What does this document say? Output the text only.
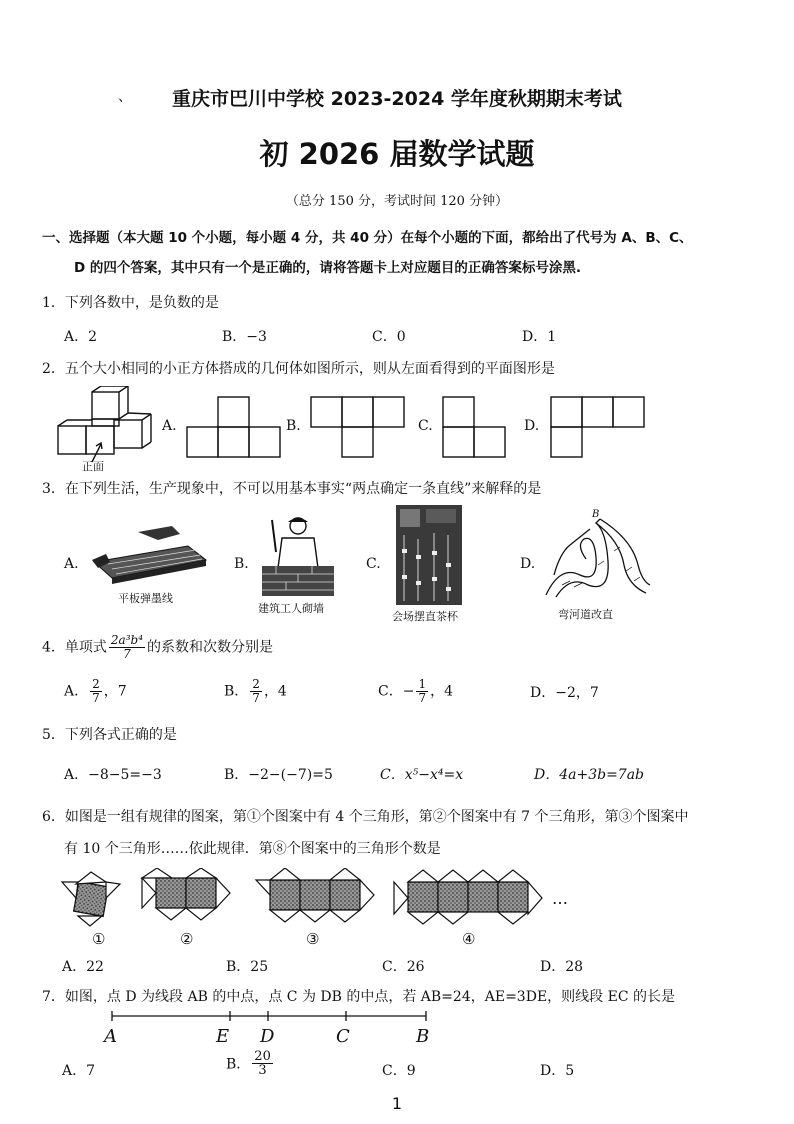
、	重庆市巴川中学校 2023-2024 学年度秋期期末考试
初 2026 届数学试题
（总分 150 分，考试时间 120 分钟）
一、选择题（本大题 10 个小题，每小题 4 分，共 40 分）在每个小题的下面，都给出了代号为 A、B、C、
D 的四个答案，其中只有一个是正确的，请将答题卡上对应题目的正确答案标号涂黑.
1．下列各数中，是负数的是
A．2	B．−3	C．0	D．1
2．五个大小相同的小正方体搭成的几何体如图所示，则从左面看得到的平面图形是
正面
A.	B.	C.	D.
3．在下列生活，生产现象中，不可以用基本事实“两点确定一条直线”来解释的是
A.
平板弹墨线
B.
建筑工人砌墙
C.
会场摆直茶杯
D.
B
弯河道改直
4．单项式 $\frac{\text{2a³b⁴}}{7}$ 的系数和次数分别是
A． $\frac{2}{7}$ ，7	B． $\frac{2}{7}$ ，4	C．− $\frac{1}{7}$ ，4	D．−2，7
5．下列各式正确的是
A．−8−5=−3	B．−2−(−7)=5	C．x⁵−x⁴=x	D．4a+3b=7ab
6．如图是一组有规律的图案，第①个图案中有 4 个三角形，第②个图案中有 7 个三角形，第③个图案中
有 10 个三角形……依此规律．第⑧个图案中的三角形个数是
…
①	②	③	④
A．22	B．25	C．26	D．28
7．如图，点 D 为线段 AB 的中点，点 C 为 DB 的中点，若 AB=24，AE=3DE，则线段 EC 的长是
A	E D	C	B
A．7	B． $\frac{20}{3}$	C．9	D．5
1
